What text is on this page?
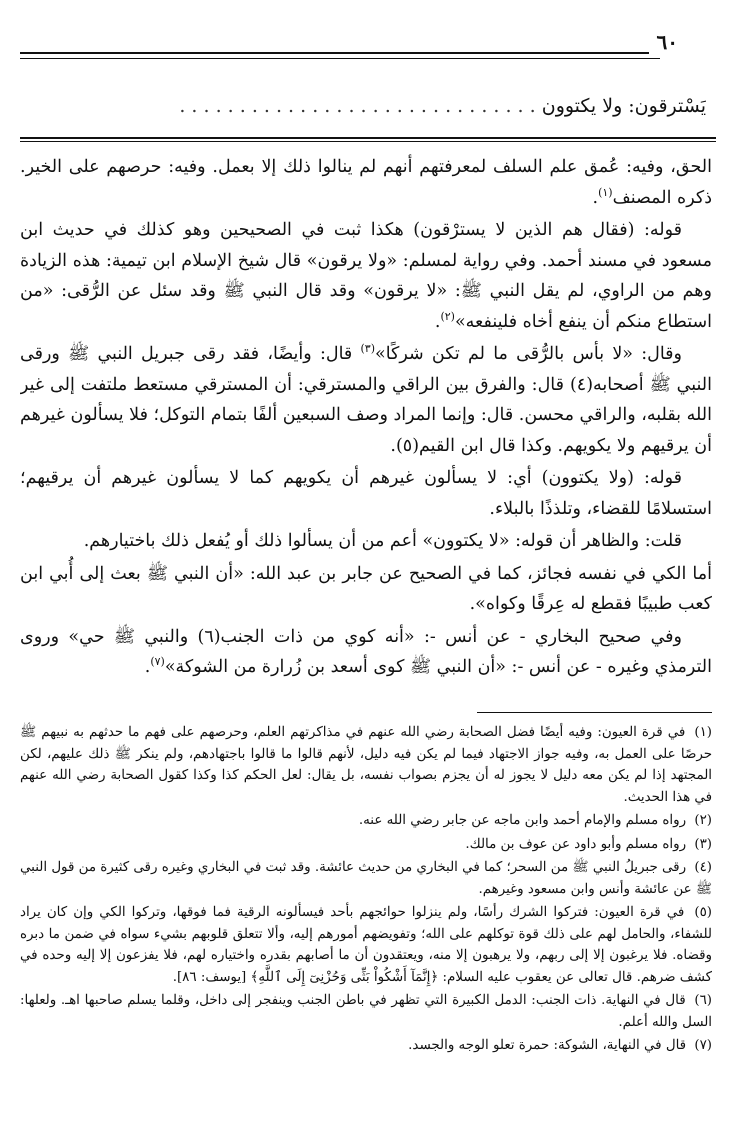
٦٠
يَسْترقون: ولا يكتوون . . . . . . . . . . . . . . . . . . . . . . . . . . . . . .

الحق، وفيه: عُمق علم السلف لمعرفتهم أنهم لم ينالوا ذلك إلا بعمل. وفيه: حرصهم على الخير. ذكره المصنف$^{(١)}$.

قوله: (فقال هم الذين لا يسترْقون) هكذا ثبت في الصحيحين وهو كذلك في حديث ابن مسعود في مسند أحمد. وفي رواية لمسلم: «ولا يرقون» قال شيخ الإسلام ابن تيمية: هذه الزيادة وهم من الراوي، لم يقل النبي ﷺ: «لا يرقون» وقد قال النبي ﷺ وقد سئل عن الرُّقى: «من استطاع منكم أن ينفع أخاه فلينفعه»$^{(٢)}$.

وقال: «لا بأس بالرُّقى ما لم تكن شركًا»$^{(٣)}$ قال: وأيضًا، فقد رقى جبريل النبي ﷺ ورقى النبي ﷺ أصحابه(٤) قال: والفرق بين الراقي والمسترقي: أن المسترقي مستعط ملتفت إلى غير الله بقلبه، والراقي محسن. قال: وإنما المراد وصف السبعين ألفًا بتمام التوكل؛ فلا يسألون غيرهم أن يرقيهم ولا يكويهم. وكذا قال ابن القيم(٥).

قوله: (ولا يكتوون) أي: لا يسألون غيرهم أن يكويهم كما لا يسألون غيرهم أن يرقيهم؛ استسلامًا للقضاء، وتلذذًا بالبلاء.

قلت: والظاهر أن قوله: «لا يكتوون» أعم من أن يسألوا ذلك أو يُفعل ذلك باختيارهم.

أما الكي في نفسه فجائز، كما في الصحيح عن جابر بن عبد الله: «أن النبي ﷺ بعث إلى أُبي ابن كعب طبيبًا فقطع له عِرقًا وكواه».

وفي صحيح البخاري - عن أنس -: «أنه كوي من ذات الجنب(٦) والنبي ﷺ حي» وروى الترمذي وغيره - عن أنس -: «أن النبي ﷺ كوى أسعد بن زُرارة من الشوكة»$^{(٧)}$.

(١) في قرة العيون: وفيه أيضًا فضل الصحابة رضي الله عنهم في مذاكرتهم العلم، وحرصهم على فهم ما حدثهم به نبيهم ﷺ حرصًا على العمل به، وفيه جواز الاجتهاد فيما لم يكن فيه دليل، لأنهم قالوا ما قالوا باجتهادهم، ولم ينكر ﷺ ذلك عليهم، لكن المجتهد إذا لم يكن معه دليل لا يجوز له أن يجزم بصواب نفسه، بل يقال: لعل الحكم كذا وكذا كقول الصحابة رضي الله عنهم في هذا الحديث.

(٢) رواه مسلم والإمام أحمد وابن ماجه عن جابر رضي الله عنه.

(٣) رواه مسلم وأبو داود عن عوف بن مالك.

(٤) رقى جبريلُ النبي ﷺ من السحر؛ كما في البخاري من حديث عائشة. وقد ثبت في البخاري وغيره رقى كثيرة من قول النبي ﷺ عن عائشة وأنس وابن مسعود وغيرهم.

(٥) في قرة العيون: فتركوا الشرك رأسًا، ولم ينزلوا حوائجهم بأحد فيسألونه الرقية فما فوقها، وتركوا الكي وإن كان يراد للشفاء، والحامل لهم على ذلك قوة توكلهم على الله؛ وتفويضهم أمورهم إليه، وألا تتعلق قلوبهم بشيء سواه في ضمن ما دبره وقضاه. فلا يرغبون إلا إلى ربهم، ولا يرهبون إلا منه، ويعتقدون أن ما أصابهم بقدره واختياره لهم، فلا يفزعون إلا إليه وحده في كشف ضرهم. قال تعالى عن يعقوب عليه السلام: ﴿إِنَّمَآ أَشْكُواْ بَثِّى وَحُزْنِىٓ إِلَى ٱللَّهِ﴾ [يوسف: ٨٦].

(٦) قال في النهاية. ذات الجنب: الدمل الكبيرة التي تظهر في باطن الجنب وينفجر إلى داخل، وقلما يسلم صاحبها اهـ. ولعلها: السل والله أعلم.

(٧) قال في النهاية، الشوكة: حمرة تعلو الوجه والجسد.
